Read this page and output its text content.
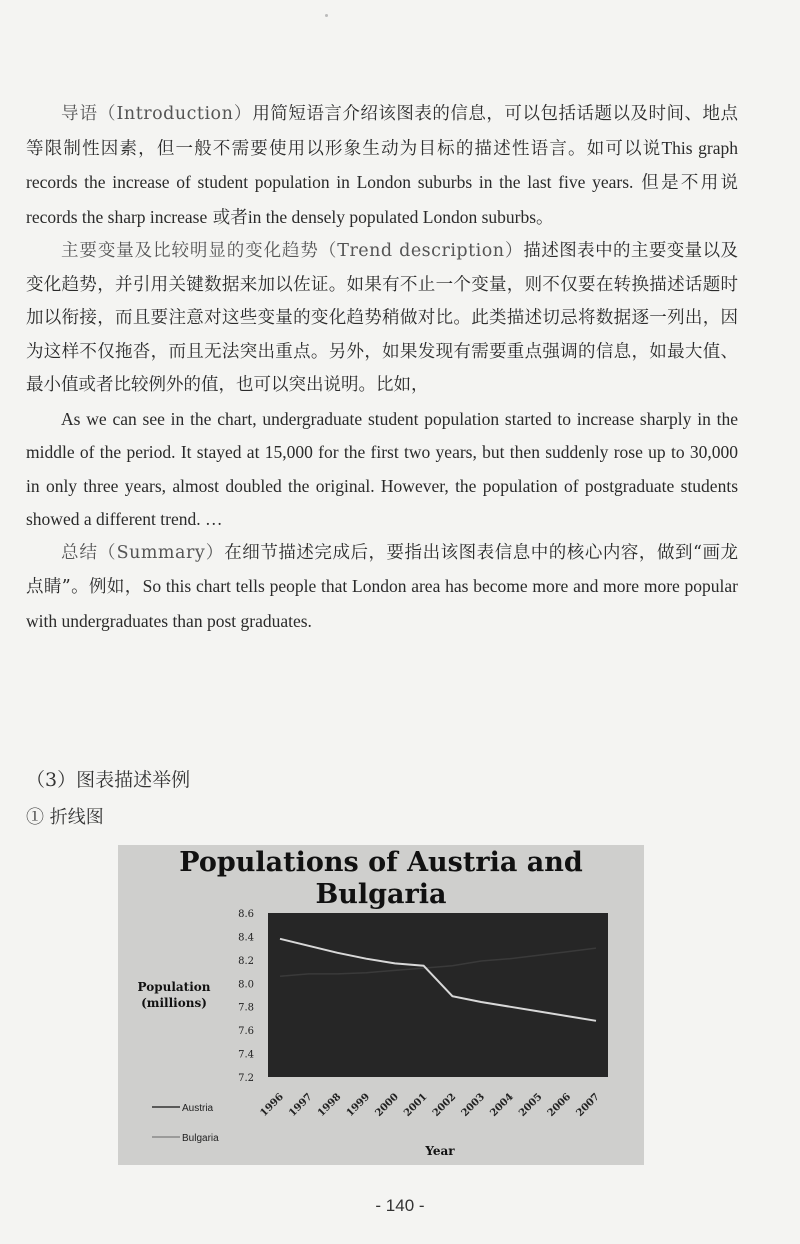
导语（Introduction）用简短语言介绍该图表的信息，可以包括话题以及时间、地点等限制性因素，但一般不需要使用以形象生动为目标的描述性语言。如可以说This graph records the increase of student population in London suburbs in the last five years. 但是不用说records the sharp increase 或者in the densely populated London suburbs。

主要变量及比较明显的变化趋势（Trend description）描述图表中的主要变量以及变化趋势，并引用关键数据来加以佐证。如果有不止一个变量，则不仅要在转换描述话题时加以衔接，而且要注意对这些变量的变化趋势稍做对比。此类描述切忌将数据逐一列出，因为这样不仅拖沓，而且无法突出重点。另外，如果发现有需要重点强调的信息，如最大值、最小值或者比较例外的值，也可以突出说明。比如，

As we can see in the chart, undergraduate student population started to increase sharply in the middle of the period. It stayed at 15,000 for the first two years, but then suddenly rose up to 30,000 in only three years, almost doubled the original. However, the population of postgraduate students showed a different trend. …

总结（Summary）在细节描述完成后，要指出该图表信息中的核心内容，做到“画龙点睛”。例如，So this chart tells people that London area has become more and more more popular with undergraduates than post graduates.

（3）图表描述举例
① 折线图
Populations of Austria and
Bulgaria
8.6
8.4
8.2
8.0
7.8
7.6
7.4
7.2
1996 1997 1998 1999 2000 2001 2002 2003 2004 2005 2006 2007
Population
(millions)
Year
Austria
Bulgaria
- 140 -
